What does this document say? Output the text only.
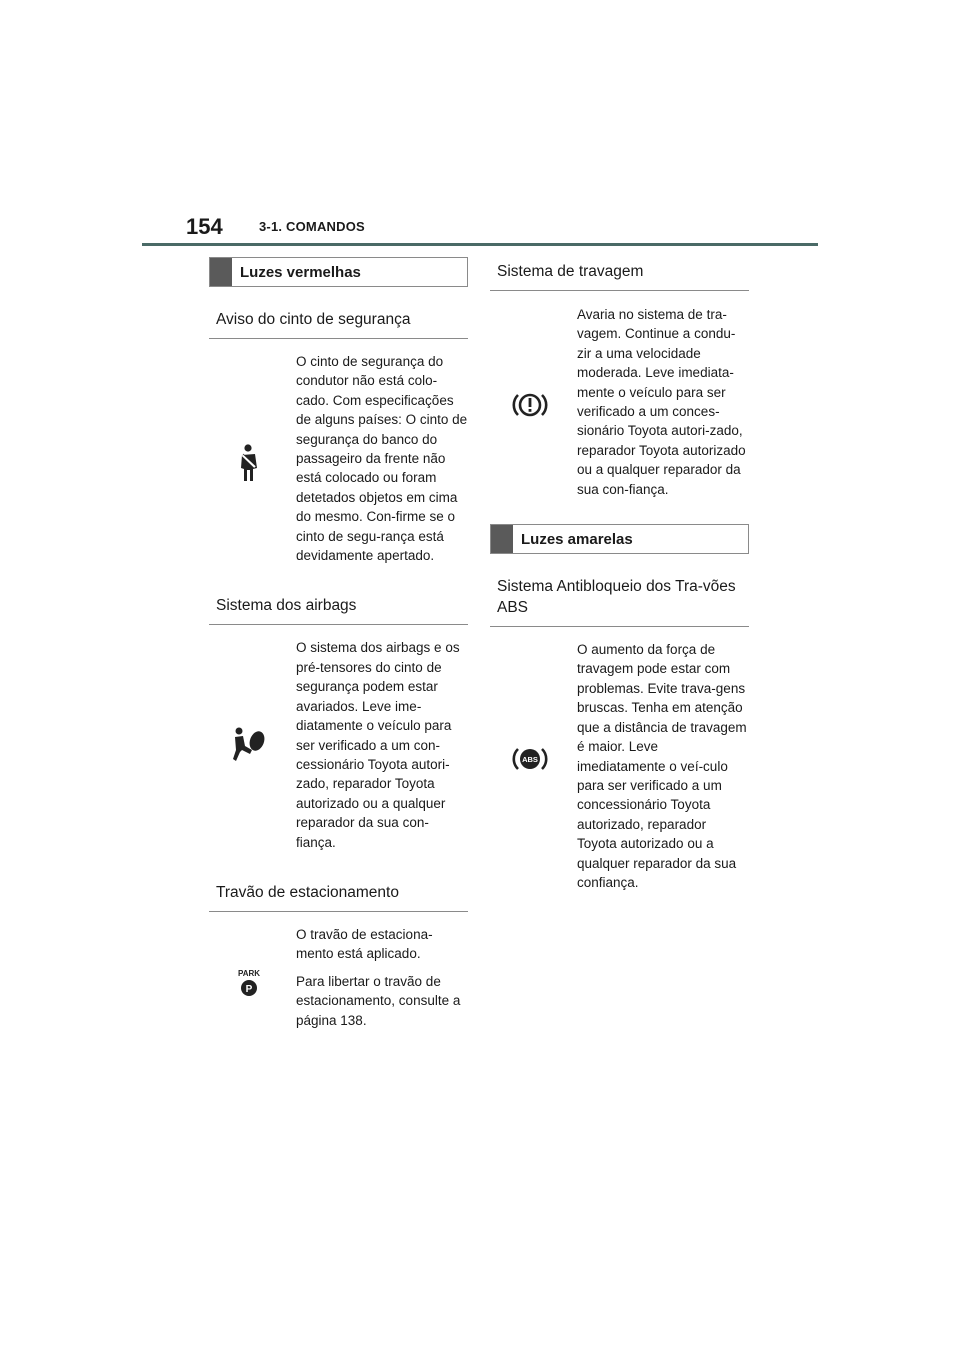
154	3-1. COMANDOS
Luzes vermelhas
Aviso do cinto de segurança

O cinto de segurança do condutor não está colo-cado. Com especificações de alguns países: O cinto de segurança do banco do passageiro da frente não está colocado ou foram detetados objetos em cima do mesmo. Con-firme se o cinto de segu-rança está devidamente apertado.

Sistema dos airbags

O sistema dos airbags e os pré-tensores do cinto de segurança podem estar avariados. Leve ime-diatamente o veículo para ser verificado a um con-cessionário Toyota autori-zado, reparador Toyota autorizado ou a qualquer reparador da sua con-fiança.

Travão de estacionamento
PARK
P

O travão de estaciona-mento está aplicado.

Para libertar o travão de estacionamento, consulte a página 138.

Sistema de travagem

Avaria no sistema de tra-vagem. Continue a condu-zir a uma velocidade moderada. Leve imediata-mente o veículo para ser verificado a um conces-sionário Toyota autori-zado, reparador Toyota autorizado ou a qualquer reparador da sua con-fiança.

Luzes amarelas
Sistema Antibloqueio dos Tra-vões ABS
ABS

O aumento da força de travagem pode estar com problemas. Evite trava-gens bruscas. Tenha em atenção que a distância de travagem é maior. Leve imediatamente o veí-culo para ser verificado a um concessionário Toyota autorizado, reparador Toyota autorizado ou a qualquer reparador da sua confiança.
